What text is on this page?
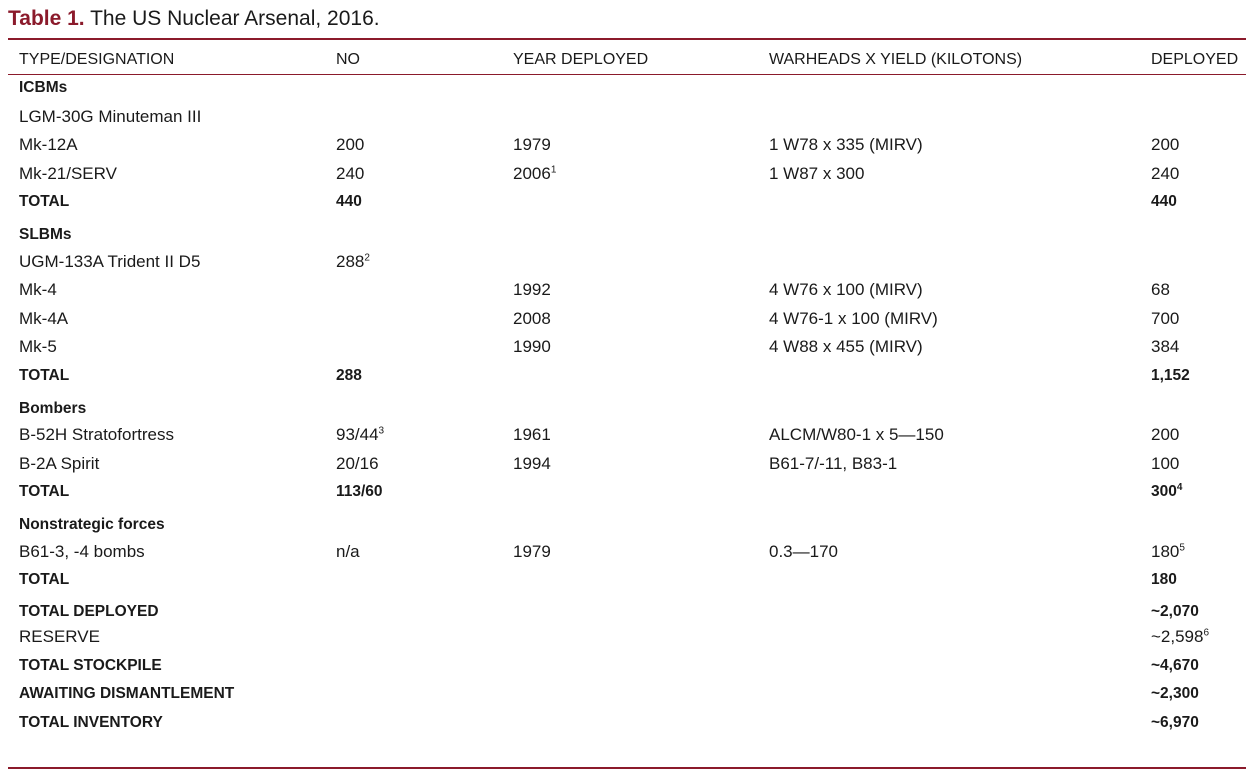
Table 1. The US Nuclear Arsenal, 2016.
TYPE/DESIGNATION	NO	YEAR DEPLOYED	WARHEADS X YIELD (KILOTONS)	DEPLOYED
ICBMs				
LGM-30G Minuteman III				
Mk-12A	200	1979	1 W78 x 335 (MIRV)	200
Mk-21/SERV	240	2006$^1$	1 W87 x 300	240
TOTAL	440			440
SLBMs				
UGM-133A Trident II D5	$288^2$			
Mk-4		1992	4 W76 x 100 (MIRV)	68
Mk-4A		2008	4 W76-1 x 100 (MIRV)	700
Mk-5		1990	4 W88 x 455 (MIRV)	384
TOTAL	288			1,152
Bombers				
B-52H Stratofortress	$93/44^3$	1961	ALCM/W80-1 x 5—150	200
B-2A Spirit	20/16	1994	B61-7/-11, B83-1	100
TOTAL	113/60			$300^4$
Nonstrategic forces				
B61-3, -4 bombs	n/a	1979	0.3—170	$180^5$
TOTAL				180
TOTAL DEPLOYED				~2,070
RESERVE				~2,598$^6$
TOTAL STOCKPILE				~4,670
AWAITING DISMANTLEMENT				~2,300
TOTAL INVENTORY				~6,970
